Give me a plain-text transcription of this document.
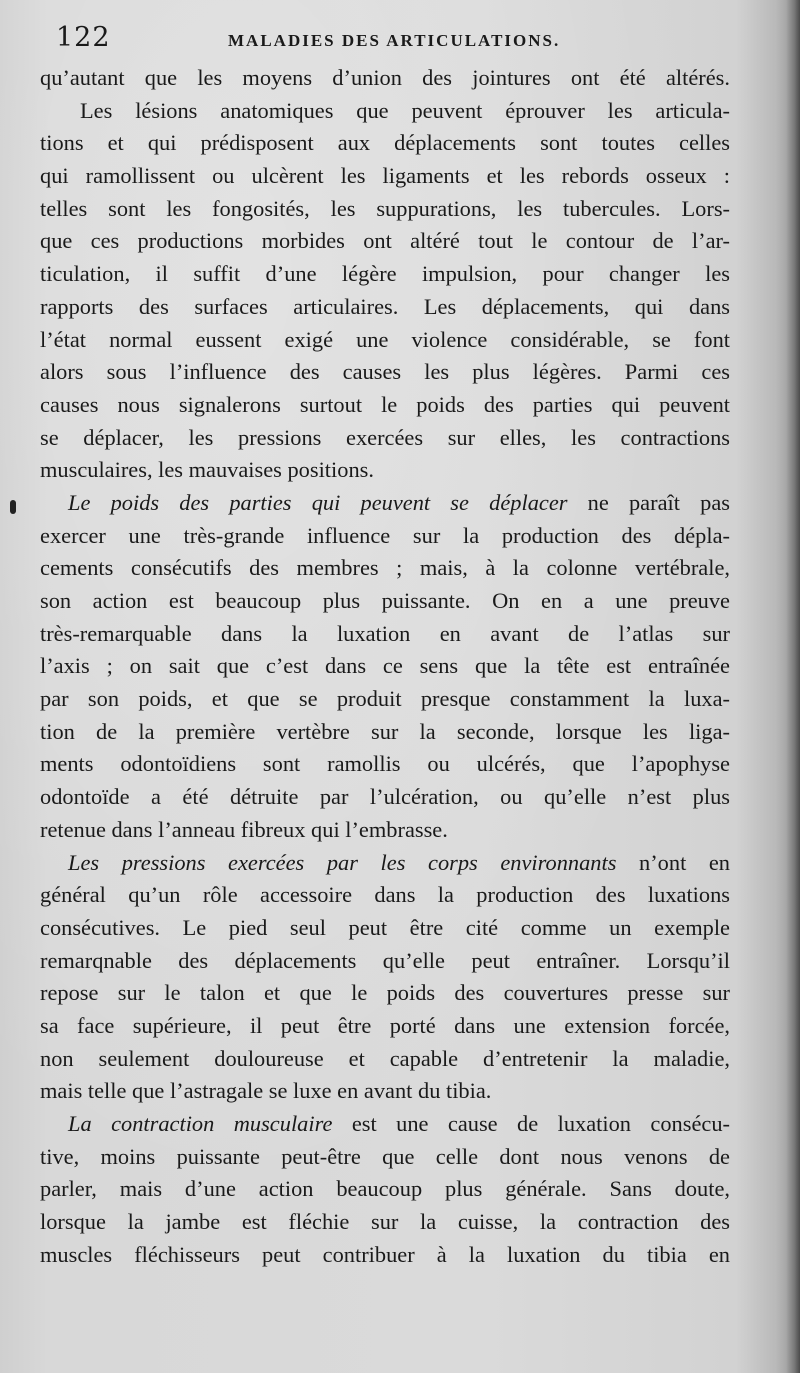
122	MALADIES DES ARTICULATIONS.
qu’autant que les moyens d’union des jointures ont été altérés.
Les lésions anatomiques que peuvent éprouver les articula-
tions et qui prédisposent aux déplacements sont toutes celles
qui ramollissent ou ulcèrent les ligaments et les rebords osseux :
telles sont les fongosités, les suppurations, les tubercules. Lors-
que ces productions morbides ont altéré tout le contour de l’ar-
ticulation, il suffit d’une légère impulsion, pour changer les
rapports des surfaces articulaires. Les déplacements, qui dans
l’état normal eussent exigé une violence considérable, se font
alors sous l’influence des causes les plus légères. Parmi ces
causes nous signalerons surtout le poids des parties qui peuvent
se déplacer, les pressions exercées sur elles, les contractions
musculaires, les mauvaises positions.
Le poids des parties qui peuvent se déplacer ne paraît pas
exercer une très-grande influence sur la production des dépla-
cements consécutifs des membres ; mais, à la colonne vertébrale,
son action est beaucoup plus puissante. On en a une preuve
très-remarquable dans la luxation en avant de l’atlas sur
l’axis ; on sait que c’est dans ce sens que la tête est entraînée
par son poids, et que se produit presque constamment la luxa-
tion de la première vertèbre sur la seconde, lorsque les liga-
ments odontoïdiens sont ramollis ou ulcérés, que l’apophyse
odontoïde a été détruite par l’ulcération, ou qu’elle n’est plus
retenue dans l’anneau fibreux qui l’embrasse.
Les pressions exercées par les corps environnants n’ont en
général qu’un rôle accessoire dans la production des luxations
consécutives. Le pied seul peut être cité comme un exemple
remarqnable des déplacements qu’elle peut entraîner. Lorsqu’il
repose sur le talon et que le poids des couvertures presse sur
sa face supérieure, il peut être porté dans une extension forcée,
non seulement douloureuse et capable d’entretenir la maladie,
mais telle que l’astragale se luxe en avant du tibia.
La contraction musculaire est une cause de luxation consécu-
tive, moins puissante peut-être que celle dont nous venons de
parler, mais d’une action beaucoup plus générale. Sans doute,
lorsque la jambe est fléchie sur la cuisse, la contraction des
muscles fléchisseurs peut contribuer à la luxation du tibia en
